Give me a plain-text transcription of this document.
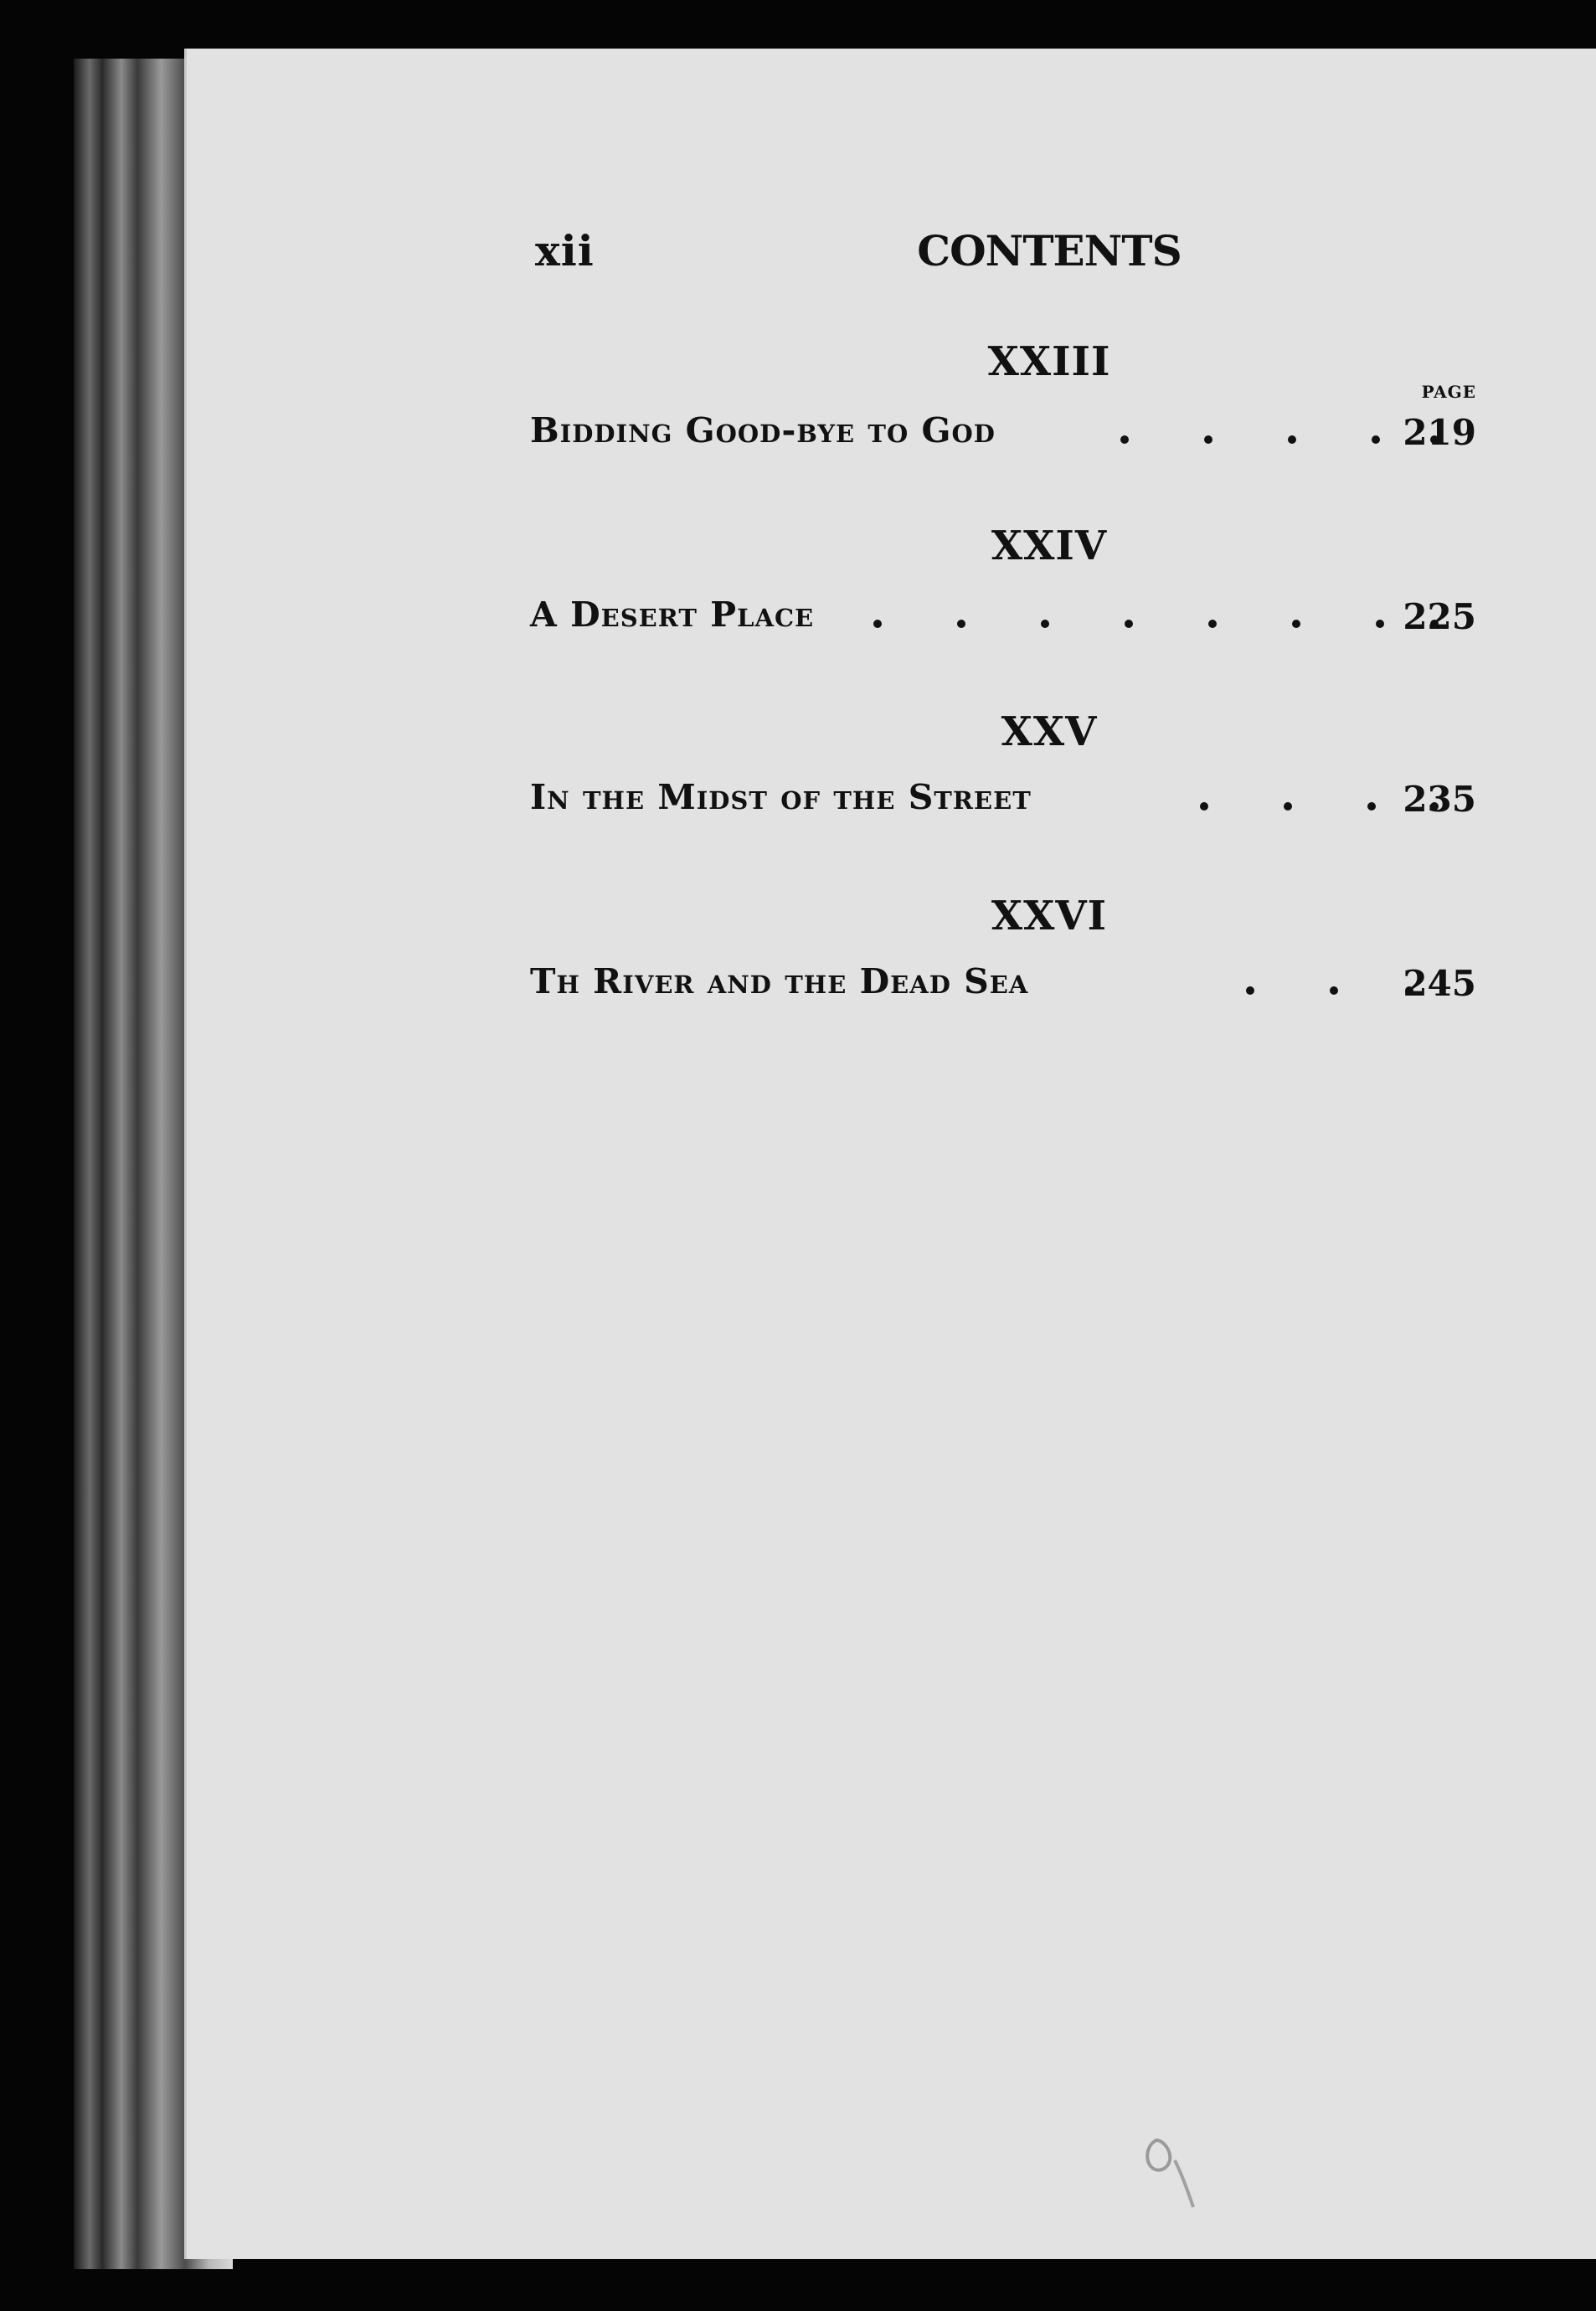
xii	CONTENTS
XXIII
PAGE
Bidding Good-bye to God	219
XXIV
A Desert Place	225
XXV
In the Midst of the Street	235
XXVI
Th River and the Dead Sea	245
